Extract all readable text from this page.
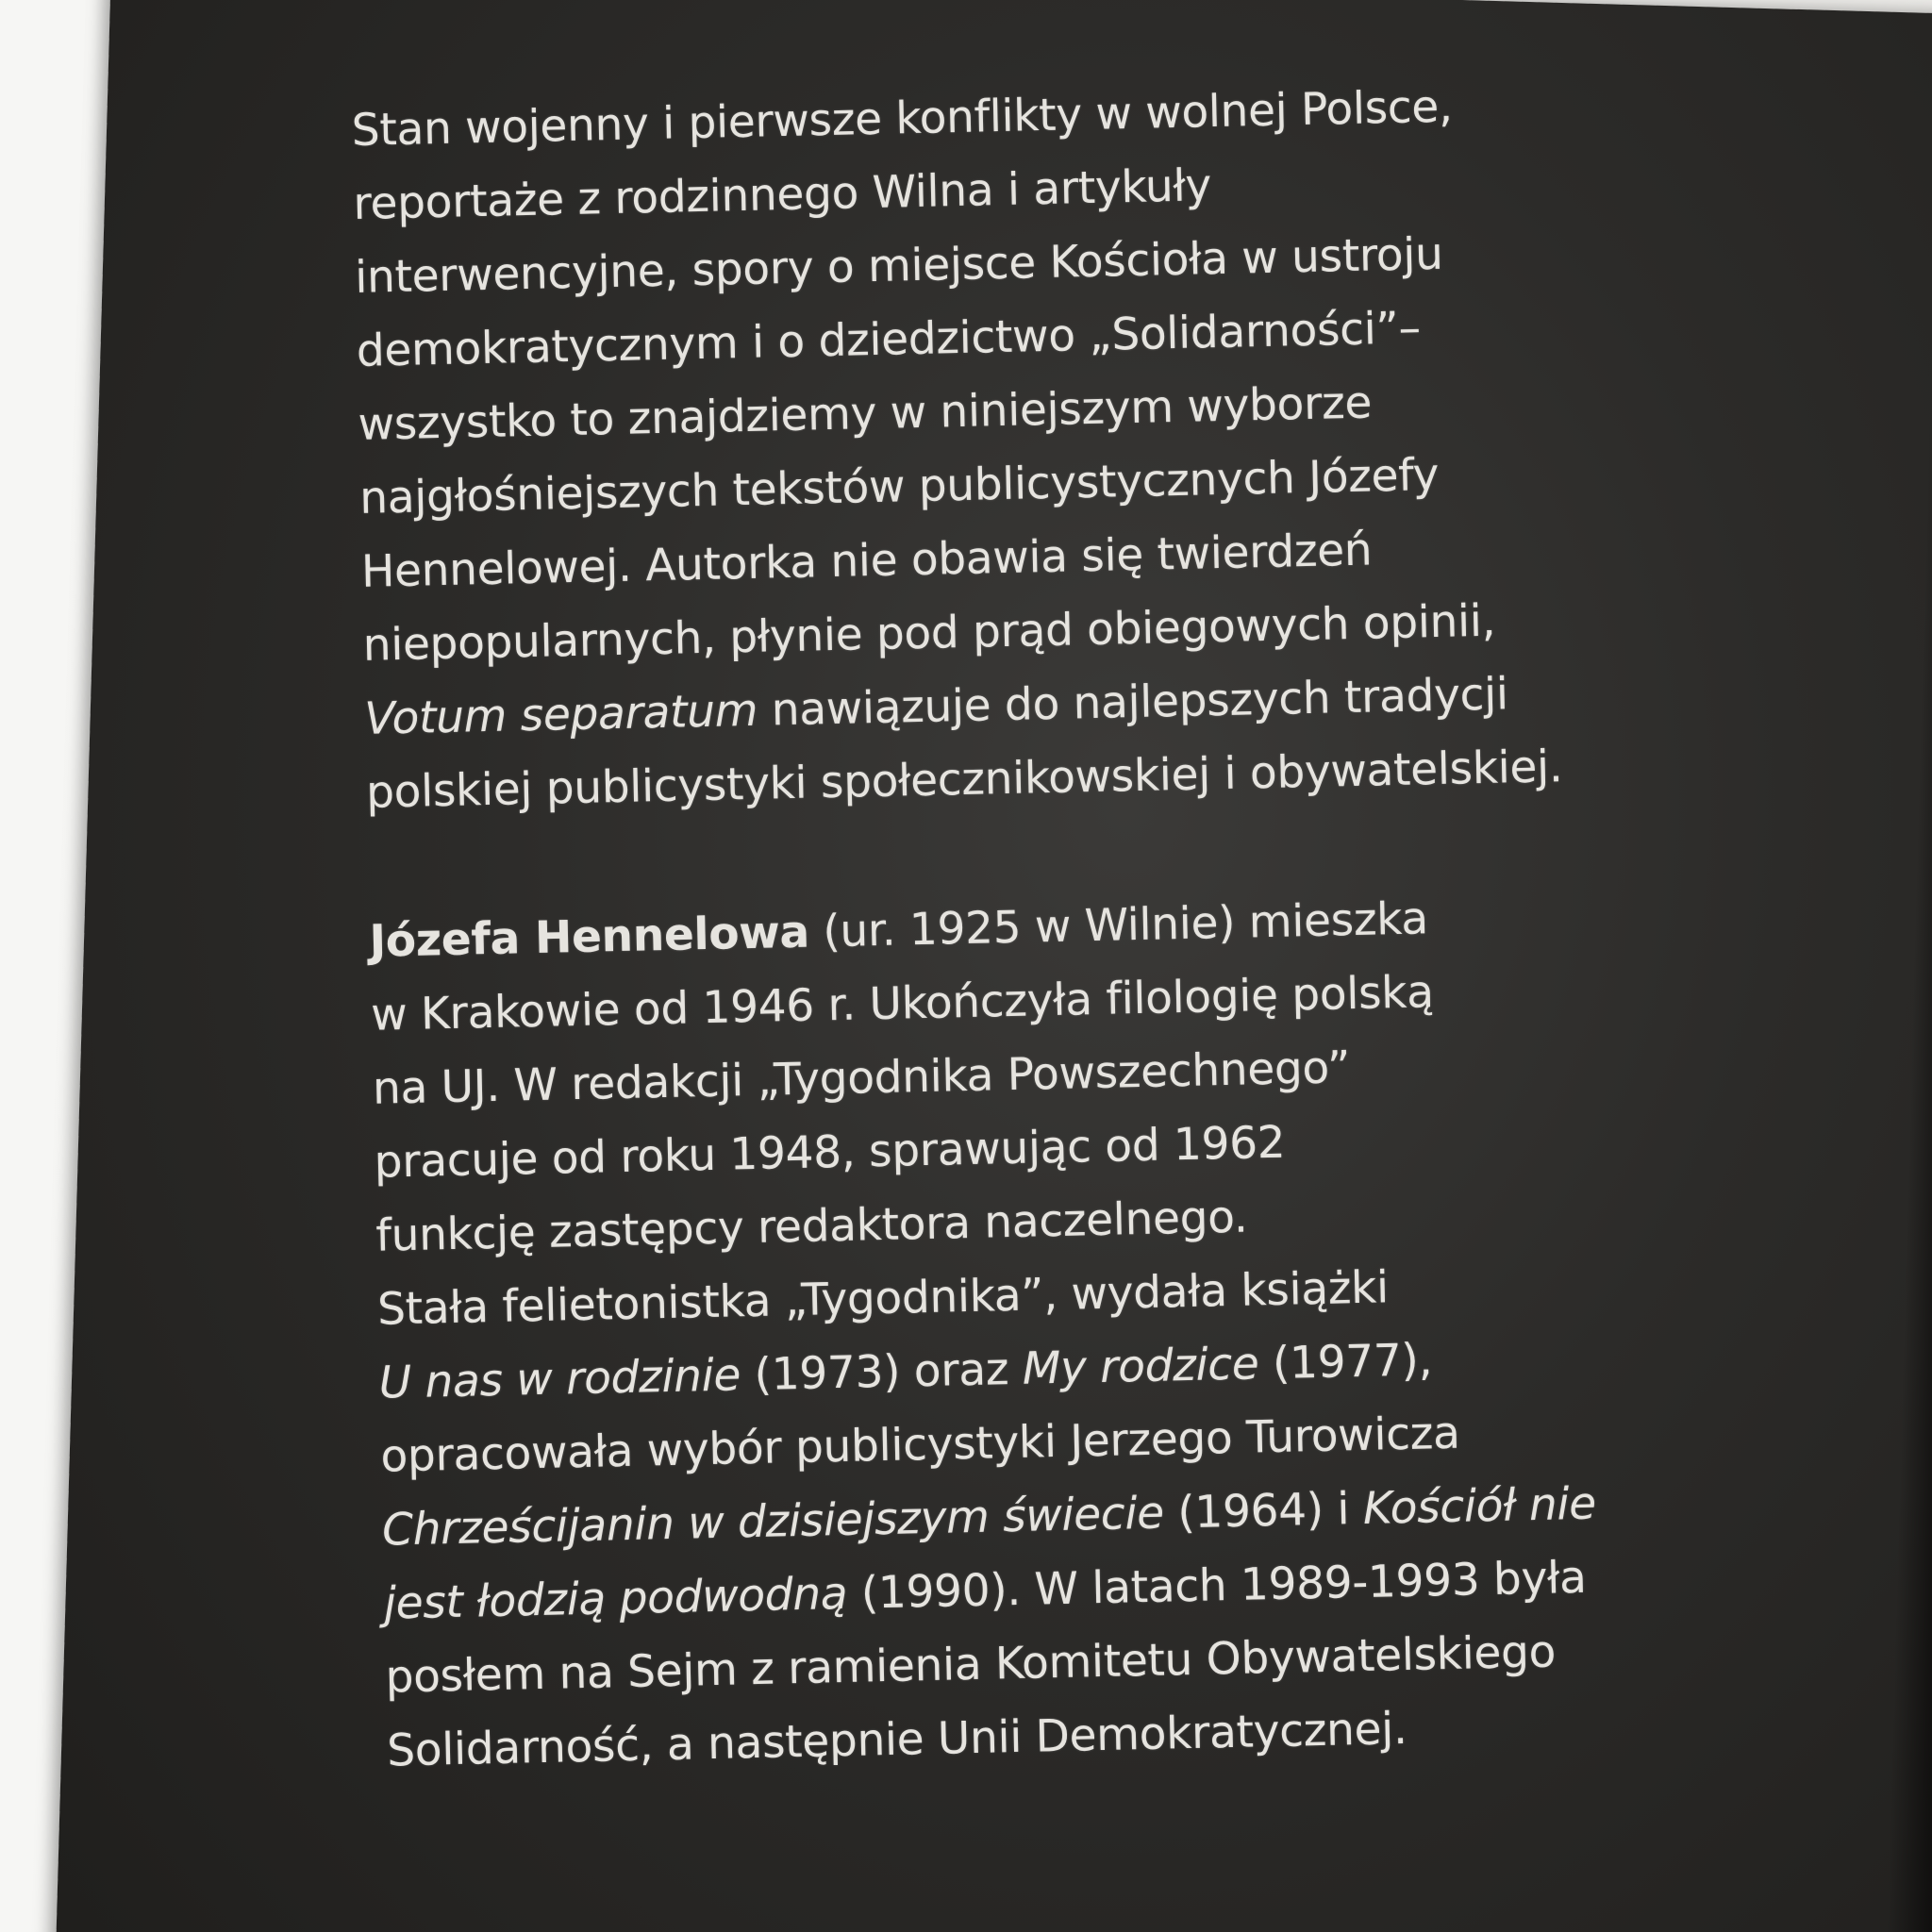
Stan wojenny i pierwsze konflikty w wolnej Polsce,
reportaże z rodzinnego Wilna i artykuły
interwencyjne, spory o miejsce Kościoła w ustroju
demokratycznym i o dziedzictwo „Solidarności”–
wszystko to znajdziemy w niniejszym wyborze
najgłośniejszych tekstów publicystycznych Józefy
Hennelowej. Autorka nie obawia się twierdzeń
niepopularnych, płynie pod prąd obiegowych opinii,
Votum separatum nawiązuje do najlepszych tradycji
polskiej publicystyki społecznikowskiej i obywatelskiej.

Józefa Hennelowa (ur. 1925 w Wilnie) mieszka
w Krakowie od 1946 r. Ukończyła filologię polską
na UJ. W redakcji „Tygodnika Powszechnego”
pracuje od roku 1948, sprawując od 1962
funkcję zastępcy redaktora naczelnego.
Stała felietonistka „Tygodnika”, wydała książki
U nas w rodzinie (1973) oraz My rodzice (1977),
opracowała wybór publicystyki Jerzego Turowicza
Chrześcijanin w dzisiejszym świecie (1964) i Kościół nie
jest łodzią podwodną (1990). W latach 1989-1993 była
posłem na Sejm z ramienia Komitetu Obywatelskiego
Solidarność, a następnie Unii Demokratycznej.
